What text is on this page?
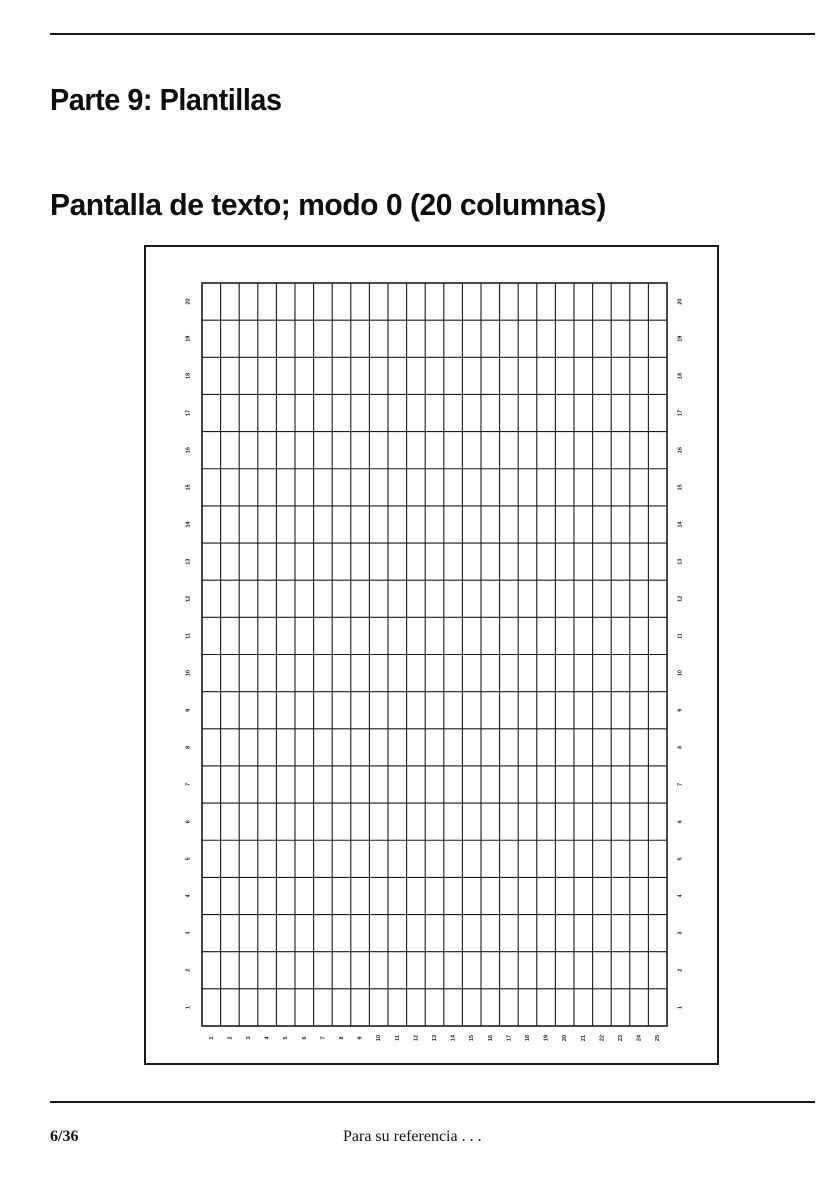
Parte 9: Plantillas
Pantalla de texto; modo 0 (20 columnas)
1 2 3 4 5 6 7 8 9 10 11 12 13 14 15 16 17 18 19 20 21 22 23 24 25
1	1
2	2
3	3
4	4
5	5
6	6
7	7
8	8
9	9
10	10
11	11
12	12
13	13
14	14
15	15
16	16
17	17
18	18
19	19
20	20
6/36	Para su referencia . . .
